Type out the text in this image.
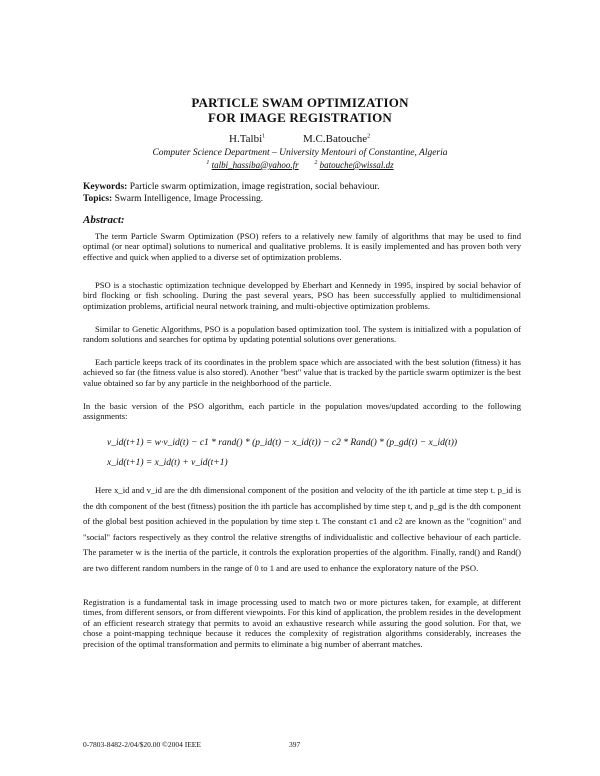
PARTICLE SWAM OPTIMIZATION
FOR IMAGE REGISTRATION
H.Talbi$^1$	M.C.Batouche$^2$
Computer Science Department – University Mentouri of Constantine, Algeria
$^1$ talbi_hassiba@yahoo.fr	$^2$ batouche@wissal.dz
Keywords: Particle swarm optimization, image registration, social behaviour.
Topics: Swarm Intelligence, Image Processing.
Abstract:

The term Particle Swarm Optimization (PSO) refers to a relatively new family of algorithms that may be used to find optimal (or near optimal) solutions to numerical and qualitative problems. It is easily implemented and has proven both very effective and quick when applied to a diverse set of optimization problems.

PSO is a stochastic optimization technique developped by Eberhart and Kennedy in 1995, inspired by social behavior of bird flocking or fish schooling. During the past several years, PSO has been successfully applied to multidimensional optimization problems, artificial neural network training, and multi-objective optimization problems.

Similar to Genetic Algorithms, PSO is a population based optimization tool. The system is initialized with a population of random solutions and searches for optima by updating potential solutions over generations.

Each particle keeps track of its coordinates in the problem space which are associated with the best solution (fitness) it has achieved so far (the fitness value is also stored). Another "best" value that is tracked by the particle swarm optimizer is the best value obtained so far by any particle in the neighborhood of the particle.

In the basic version of the PSO algorithm, each particle in the population moves/updated according to the following assignments:

v_id(t+1) = w·v_id(t) − c1 * rand() * (p_id(t) − x_id(t)) − c2 * Rand() * (p_gd(t) − x_id(t))
x_id(t+1) = x_id(t) + v_id(t+1)

Here x_id and v_id are the dth dimensional component of the position and velocity of the ith particle at time step t. p_id is the dth component of the best (fitness) position the ith particle has accomplished by time step t, and p_gd is the dth component of the global best position achieved in the population by time step t. The constant c1 and c2 are known as the "cognition" and "social" factors respectively as they control the relative strengths of individualistic and collective behaviour of each particle. The parameter w is the inertia of the particle, it controls the exploration properties of the algorithm. Finally, rand() and Rand() are two different random numbers in the range of 0 to 1 and are used to enhance the exploratory nature of the PSO.

Registration is a fundamental task in image processing used to match two or more pictures taken, for example, at different times, from different sensors, or from different viewpoints. For this kind of application, the problem resides in the development of an efficient research strategy that permits to avoid an exhaustive research while assuring the good solution. For that, we chose a point-mapping technique because it reduces the complexity of registration algorithms considerably, increases the precision of the optimal transformation and permits to eliminate a big number of aberrant matches.

0-7803-8482-2/04/$20.00 ©2004 IEEE	397
